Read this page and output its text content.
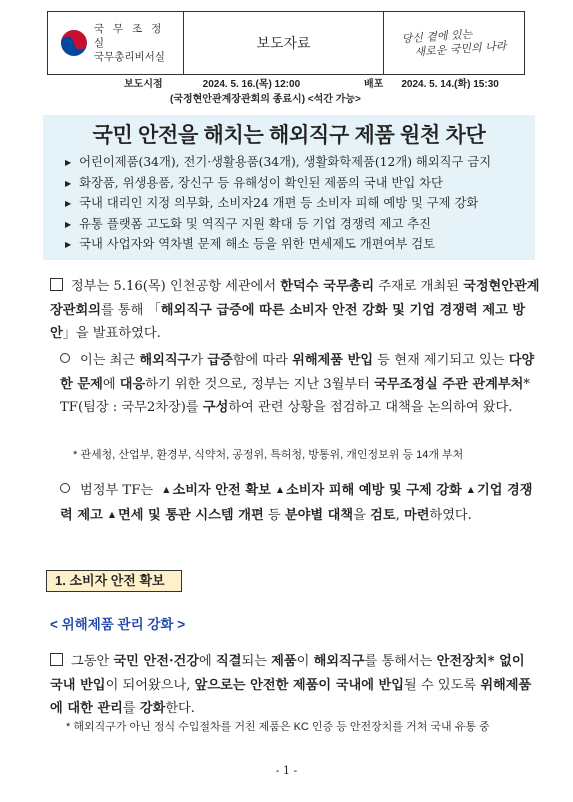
국 무 조 정 실
국무총리비서실
보도자료	당신 곁에 있는
새로운 국민의 나라
보도시점	2024. 5. 16.(목) 12:00
(국정현안관계장관회의 종료시) <석간 가능>
배포 2024. 5. 14.(화) 15:30
국민 안전을 해치는 해외직구 제품 원천 차단
▶ 어린이제품(34개), 전기·생활용품(34개), 생활화학제품(12개) 해외직구 금지
▶ 화장품, 위생용품, 장신구 등 유해성이 확인된 제품의 국내 반입 차단
▶ 국내 대리인 지정 의무화, 소비자24 개편 등 소비자 피해 예방 및 구제 강화
▶ 유통 플랫폼 고도화 및 역직구 지원 확대 등 기업 경쟁력 제고 추진
▶ 국내 사업자와 역차별 문제 해소 등을 위한 면세제도 개편여부 검토
정부는 5.16(목) 인천공항 세관에서 한덕수 국무총리 주재로 개최된 국정현안관계장관회의를 통해 「해외직구 급증에 따른 소비자 안전 강화 및 기업 경쟁력 제고 방안」을 발표하였다.
이는 최근 해외직구가 급증함에 따라 위해제품 반입 등 현재 제기되고 있는 다양한 문제에 대응하기 위한 것으로, 정부는 지난 3월부터 국무조정실 주관 관계부처* TF(팀장 : 국무2차장)를 구성하여 관련 상황을 점검하고 대책을 논의하여 왔다.
* 관세청, 산업부, 환경부, 식약처, 공정위, 특허청, 방통위, 개인정보위 등 14개 부처
범정부 TF는 ▲ 소비자 안전 확보 ▲ 소비자 피해 예방 및 구제 강화 ▲ 기업 경쟁력 제고 ▲ 면세 및 통관 시스템 개편 등 분야별 대책을 검토, 마련하였다.
1. 소비자 안전 확보
< 위해제품 관리 강화 >
그동안 국민 안전·건강에 직결되는 제품이 해외직구를 통해서는 안전장치* 없이 국내 반입이 되어왔으나, 앞으로는 안전한 제품이 국내에 반입될 수 있도록 위해제품에 대한 관리를 강화한다.
* 해외직구가 아닌 정식 수입절차를 거친 제품은 KC 인증 등 안전장치를 거쳐 국내 유통 중
- 1 -
